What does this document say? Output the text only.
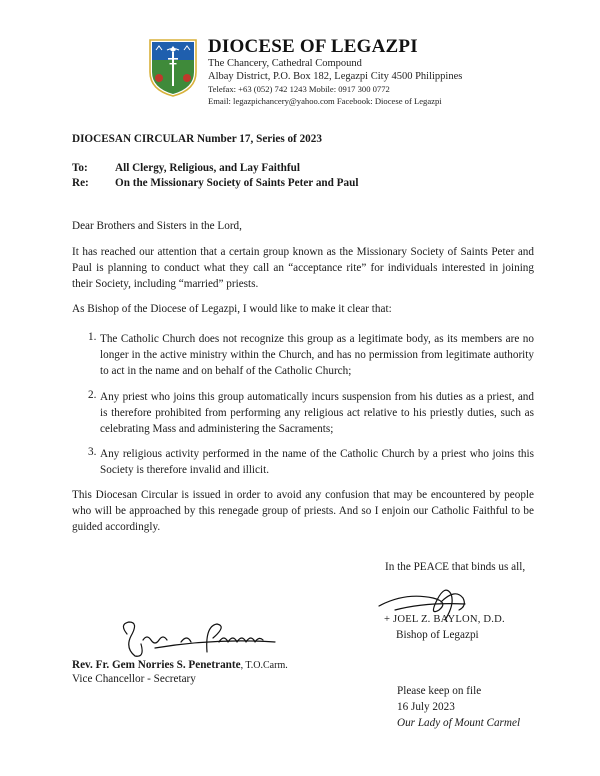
DIOCESE OF LEGAZPI
The Chancery, Cathedral Compound
Albay District, P.O. Box 182, Legazpi City 4500 Philippines
Telefax: +63 (052) 742 1243 Mobile: 0917 300 0772
Email: legazpichancery@yahoo.com Facebook: Diocese of Legazpi
DIOCESAN CIRCULAR Number 17, Series of 2023
To: All Clergy, Religious, and Lay Faithful
Re: On the Missionary Society of Saints Peter and Paul
Dear Brothers and Sisters in the Lord,
It has reached our attention that a certain group known as the Missionary Society of Saints Peter and Paul is planning to conduct what they call an “acceptance rite” for individuals interested in joining their Society, including “married” priests.
As Bishop of the Diocese of Legazpi, I would like to make it clear that:
1. The Catholic Church does not recognize this group as a legitimate body, as its members are no longer in the active ministry within the Church, and has no permission from legitimate authority to act in the name and on behalf of the Catholic Church;
2. Any priest who joins this group automatically incurs suspension from his duties as a priest, and is therefore prohibited from performing any religious act relative to his priestly duties, such as celebrating Mass and administering the Sacraments;
3. Any religious activity performed in the name of the Catholic Church by a priest who joins this Society is therefore invalid and illicit.
This Diocesan Circular is issued in order to avoid any confusion that may be encountered by people who will be approached by this renegade group of priests. And so I enjoin our Catholic Faithful to be guided accordingly.
In the PEACE that binds us all,
+ JOEL Z. BAYLON, D.D.
Bishop of Legazpi
Rev. Fr. Gem Norries S. Penetrante, T.O.Carm.
Vice Chancellor - Secretary
Please keep on file
16 July 2023
Our Lady of Mount Carmel
